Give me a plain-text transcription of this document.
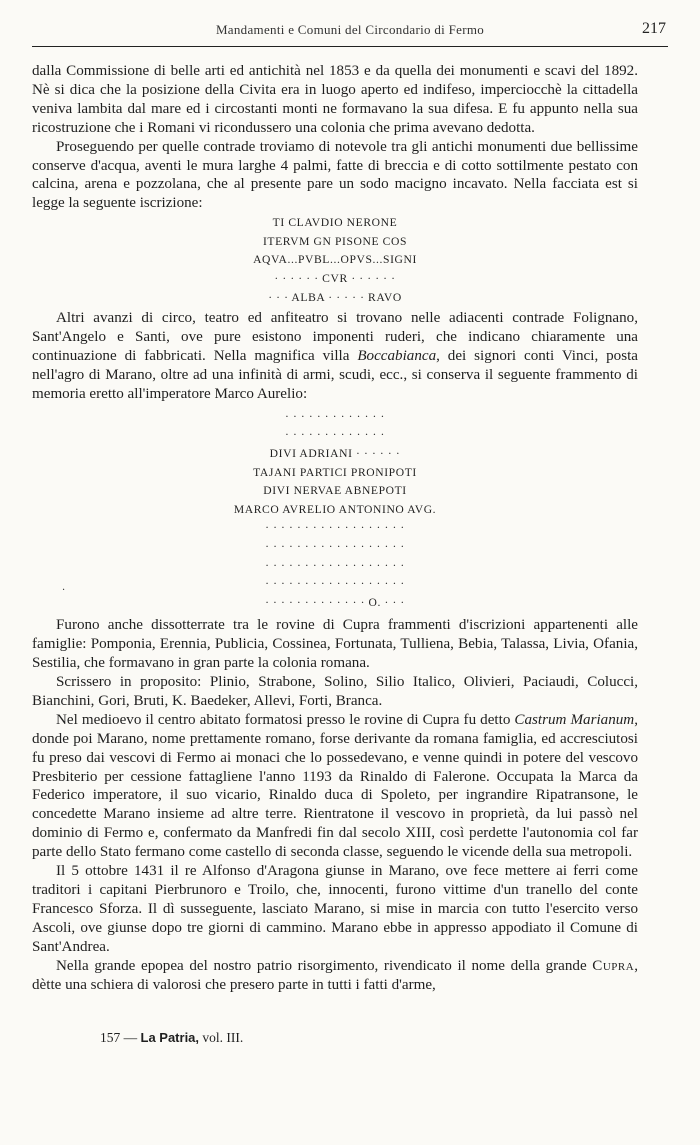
Mandamenti e Comuni del Circondario di Fermo	217

dalla Commissione di belle arti ed antichità nel 1853 e da quella dei monumenti e scavi del 1892. Nè si dica che la posizione della Civita era in luogo aperto ed indifeso, imperciocchè la cittadella veniva lambita dal mare ed i circostanti monti ne formavano la sua difesa. E fu appunto nella sua ricostruzione che i Romani vi ricondussero una colonia che prima avevano dedotta.

Proseguendo per quelle contrade troviamo di notevole tra gli antichi monumenti due bellissime conserve d'acqua, aventi le mura larghe 4 palmi, fatte di breccia e di cotto sottilmente pestato con calcina, arena e pozzolana, che al presente pare un sodo macigno incavato. Nella facciata est si legge la seguente iscrizione:

TI CLAVDIO NERONE
ITERVM GN PISONE COS
AQVA...PVBL...OPVS...SIGNI
· · · · · · CVR · · · · · ·
· · · ALBA · · · · · RAVO

Altri avanzi di circo, teatro ed anfiteatro si trovano nelle adiacenti contrade Folignano, Sant'Angelo e Santi, ove pure esistono imponenti ruderi, che indicano chiaramente una continuazione di fabbricati. Nella magnifica villa Boccabianca, dei signori conti Vinci, posta nell'agro di Marano, oltre ad una infinità di armi, scudi, ecc., si conserva il seguente frammento di memoria eretto all'imperatore Marco Aurelio:

· · · · · · · · · · · · ·
· · · · · · · · · · · · ·
DIVI ADRIANI · · · · · ·
TAJANI PARTICI PRONIPOTI
DIVI NERVAE ABNEPOTI
MARCO AVRELIO ANTONINO AVG.
· · · · · · · · · · · · · · · · · ·
· · · · · · · · · · · · · · · · · ·
· · · · · · · · · · · · · · · · · ·
· · · · · · · · · · · · · · · · · ·
· · · · · · · · · · · · · O. · · ·

Furono anche dissotterrate tra le rovine di Cupra frammenti d'iscrizioni appartenenti alle famiglie: Pomponia, Erennia, Publicia, Cossinea, Fortunata, Tulliena, Bebia, Talassa, Livia, Ofania, Sestilia, che formavano in gran parte la colonia romana.

Scrissero in proposito: Plinio, Strabone, Solino, Silio Italico, Olivieri, Paciaudi, Colucci, Bianchini, Gori, Bruti, K. Baedeker, Allevi, Forti, Branca.

Nel medioevo il centro abitato formatosi presso le rovine di Cupra fu detto Castrum Marianum, donde poi Marano, nome prettamente romano, forse derivante da romana famiglia, ed accresciutosi fu preso dai vescovi di Fermo ai monaci che lo possedevano, e venne quindi in potere del vescovo Presbiterio per cessione fattagliene l'anno 1193 da Rinaldo di Falerone. Occupata la Marca da Federico imperatore, il suo vicario, Rinaldo duca di Spoleto, per ingrandire Ripatransone, le concedette Marano insieme ad altre terre. Rientratone il vescovo in proprietà, da lui passò nel dominio di Fermo e, confermato da Manfredi fin dal secolo XIII, così perdette l'autonomia col far parte dello Stato fermano come castello di seconda classe, seguendo le vicende della sua metropoli.

Il 5 ottobre 1431 il re Alfonso d'Aragona giunse in Marano, ove fece mettere ai ferri come traditori i capitani Pierbrunoro e Troilo, che, innocenti, furono vittime d'un tranello del conte Francesco Sforza. Il dì susseguente, lasciato Marano, si mise in marcia con tutto l'esercito verso Ascoli, ove giunse dopo tre giorni di cammino. Marano ebbe in appresso appodiato il Comune di Sant'Andrea.

Nella grande epopea del nostro patrio risorgimento, rivendicato il nome della grande Cupra, dètte una schiera di valorosi che presero parte in tutti i fatti d'arme,

·
157 — La Patria, vol. III.
